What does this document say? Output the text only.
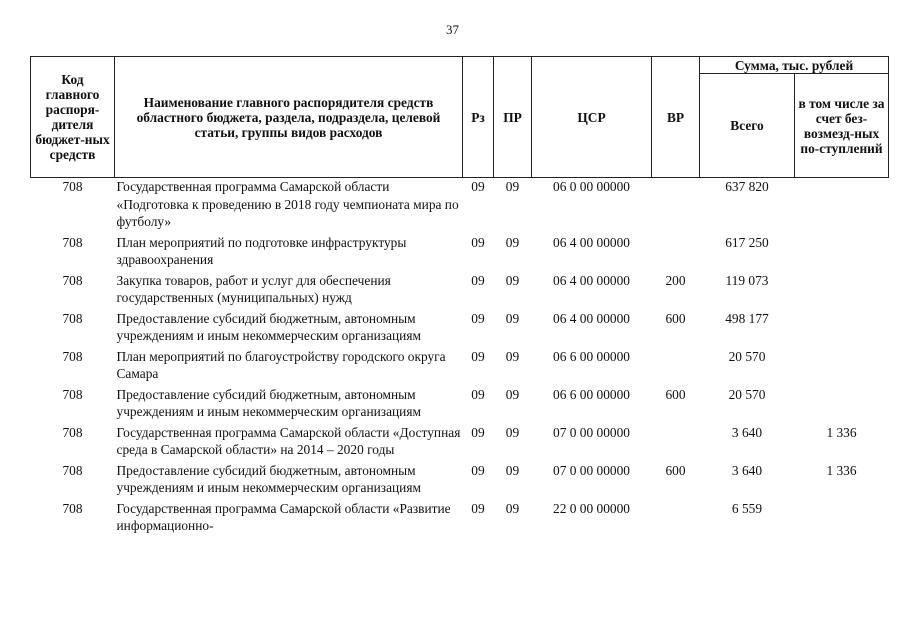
37
Код главного распоря-дителя бюджет-ных средств	Наименование главного распорядителя средств областного бюджета, раздела, подраздела, целевой статьи, группы видов расходов	Рз	ПР	ЦСР	ВР	Сумма, тыс. рублей	
						Всего	в том числе за счет без-возмезд-ных по-ступлений
708	Государственная программа Самарской области «Подготовка к проведению в 2018 году чемпионата мира по футболу»	09	09	06 0 00 00000		637 820	
708	План мероприятий по подготовке инфраструктуры здравоохранения	09	09	06 4 00 00000		617 250	
708	Закупка товаров, работ и услуг для обеспечения государственных (муниципальных) нужд	09	09	06 4 00 00000	200	119 073	
708	Предоставление субсидий бюджетным, автономным учреждениям и иным некоммерческим организациям	09	09	06 4 00 00000	600	498 177	
708	План мероприятий по благоустройству городского округа Самара	09	09	06 6 00 00000		20 570	
708	Предоставление субсидий бюджетным, автономным учреждениям и иным некоммерческим организациям	09	09	06 6 00 00000	600	20 570	
708	Государственная программа Самарской области «Доступная среда в Самарской области» на 2014 – 2020 годы	09	09	07 0 00 00000		3 640	1 336
708	Предоставление субсидий бюджетным, автономным учреждениям и иным некоммерческим организациям	09	09	07 0 00 00000	600	3 640	1 336
708	Государственная программа Самарской области «Развитие информационно-	09	09	22 0 00 00000		6 559	
